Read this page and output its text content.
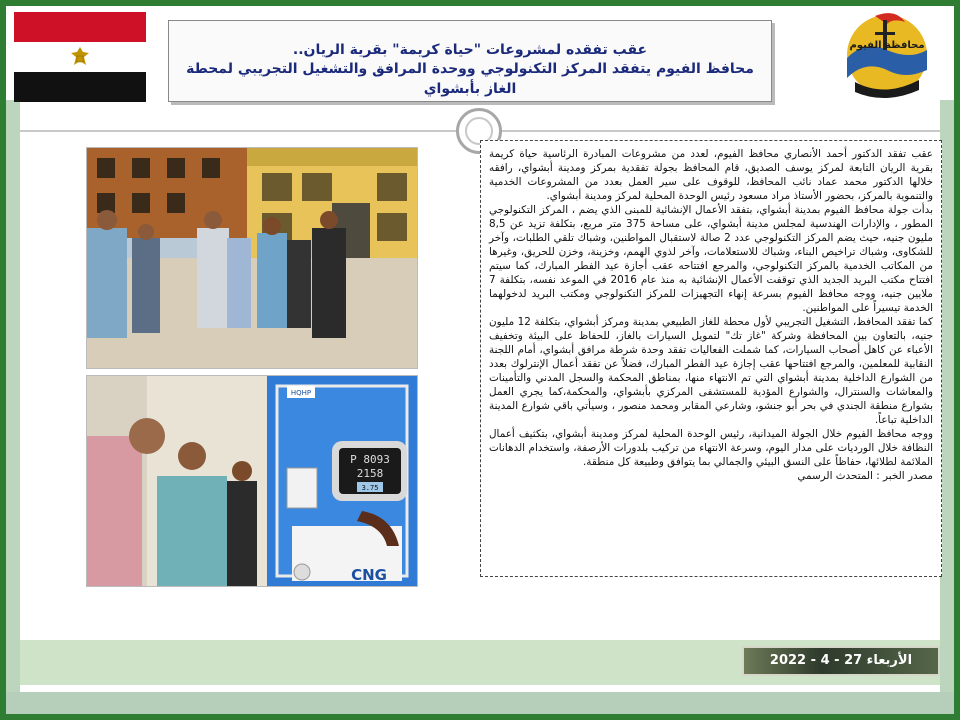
محافظة الفيوم
عقب تفقده لمشروعات "حياة كريمة" بقرية الريان..
محافظ الفيوم يتفقد المركز التكنولوجي ووحدة المرافق والتشغيل التجريبي لمحطة الغاز بأبشواي
HQHP
P 8093
2158
3.75
CNG

عقب تفقد الدكتور أحمد الأنصاري محافظ الفيوم، لعدد من مشروعات المبادرة الرئاسية حياة كريمة بقرية الريان التابعة لمركز يوسف الصديق، قام المحافظ بجولة تفقدية بمركز ومدينة أبشواي، رافقه خلالها الدكتور محمد عماد نائب المحافظ، للوقوف على سير العمل بعدد من المشروعات الخدمية والتنموية بالمركز، بحضور الأستاذ مراد مسعود رئيس الوحدة المحلية لمركز ومدينة أبشواي.

بدأت جولة محافظ الفيوم بمدينة أبشواي، بتفقد الأعمال الإنشائية للمبنى الذي يضم ، المركز التكنولوجي المطور ، والإدارات الهندسية لمجلس مدينة أبشواي، على مساحة 375 متر مربع، بتكلفة تزيد عن 8,5 مليون جنيه، حيث يضم المركز التكنولوجي عدد 2 صالة لاستقبال المواطنين، وشباك تلقي الطلبات، وآخر للشكاوى، وشباك تراخيص البناء، وشباك للاستعلامات، وآخر لذوي الهمم، وخزينة، وخزن للحريق، وغيرها من المكاتب الخدمية بالمركز التكنولوجي، والمرجع افتتاحه عقب أجازة عيد الفطر المبارك، كما سيتم افتتاح مكتب البريد الجديد الذي توقفت الأعمال الإنشائية به منذ عام 2016 في الموعد نفسه، بتكلفة 7 ملايين جنيه، ووجه محافظ الفيوم بسرعة إنهاء التجهيزات للمركز التكنولوجي ومكتب البريد لدخولهما الخدمة تيسيراً على المواطنين.

كما تفقد المحافظ، التشغيل التجريبي لأول محطة للغاز الطبيعي بمدينة ومركز أبشواي، بتكلفة 12 مليون جنيه، بالتعاون بين المحافظة وشركة "غاز تك" لتمويل السيارات بالغاز، للحفاظ على البيئة وتخفيف الأعباء عن كاهل أصحاب السيارات، كما شملت الفعاليات تفقد وحدة شرطة مرافق أبشواي، أمام اللجنة النقابية للمعلمين، والمرجع افتتاحها عقب إجازة عيد الفطر المبارك، فضلاً عن تفقد أعمال الإنترلوك بعدد من الشوارع الداخلية بمدينة أبشواي التي تم الانتهاء منها، بمناطق المحكمة والسجل المدني والتأمينات والمعاشات والسنترال، والشوارع المؤدية للمستشفى المركزي بأبشواي، والمحكمة،كما يجري العمل بشوارع منطقة الجندي في بحر أبو جنشو، وشارعي المقابر ومحمد منصور ، وسيأتي باقي شوارع المدينة الداخلية تباعاً.

ووجه محافظ الفيوم خلال الجولة الميدانية، رئيس الوحدة المحلية لمركز ومدينة أبشواي، بتكثيف أعمال النظافة خلال الورديات على مدار اليوم، وسرعة الانتهاء من تركيب بلدورات الأرصفة، واستخدام الدهانات الملائمة لطلائها، حفاظاً على النسق البيئي والجمالي بما يتوافق وطبيعة كل منطقة.

مصدر الخبر : المتحدث الرسمي

الأربعاء 27 - 4 - 2022
